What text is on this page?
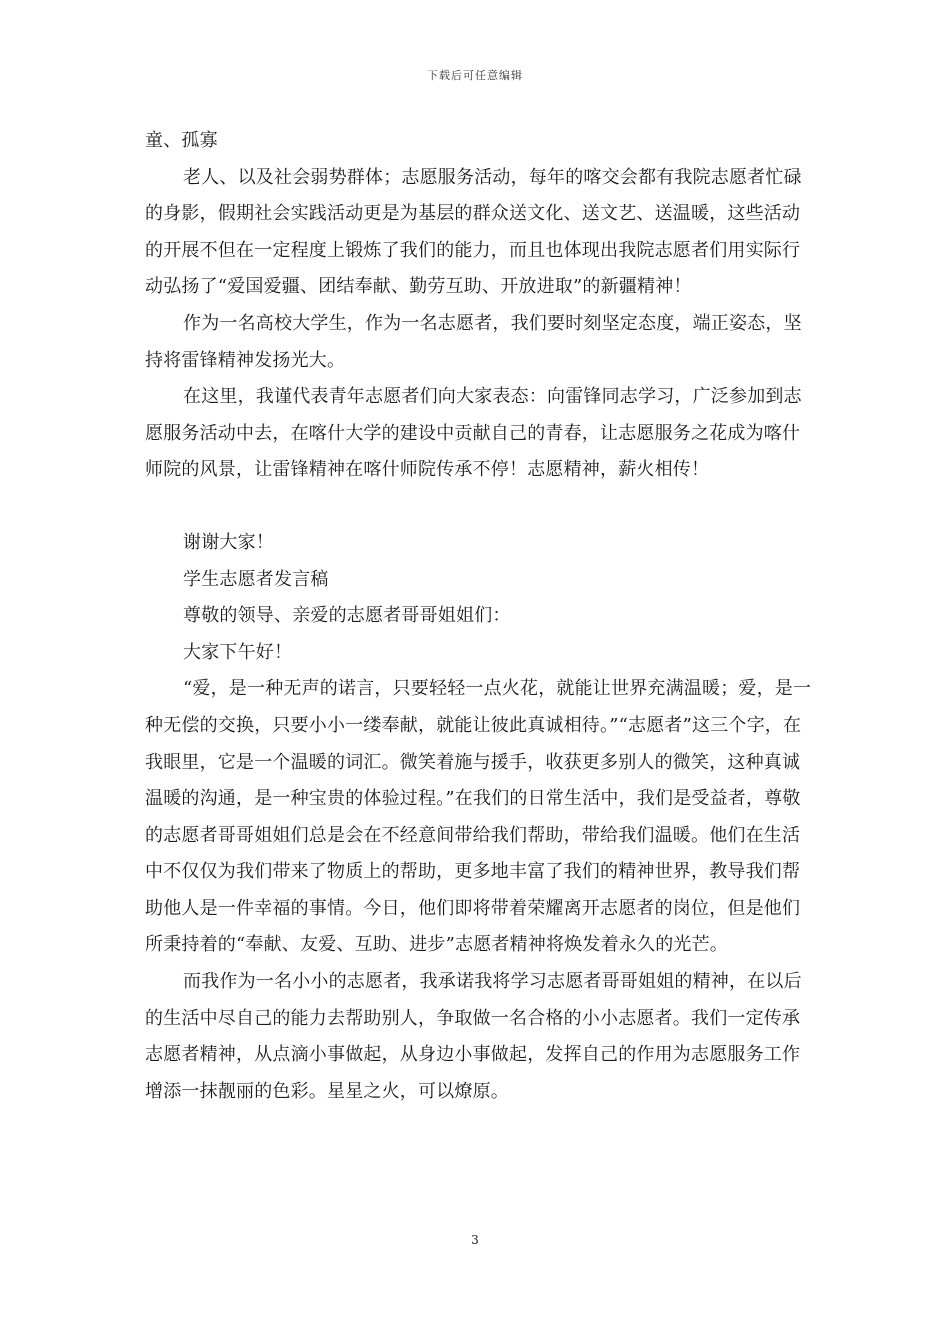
下载后可任意编辑

童、孤寡

老人、以及社会弱势群体；志愿服务活动，每年的喀交会都有我院志愿者忙碌的身影，假期社会实践活动更是为基层的群众送文化、送文艺、送温暖，这些活动的开展不但在一定程度上锻炼了我们的能力，而且也体现出我院志愿者们用实际行动弘扬了“爱国爱疆、团结奉献、勤劳互助、开放进取”的新疆精神！

作为一名高校大学生，作为一名志愿者，我们要时刻坚定态度，端正姿态，坚持将雷锋精神发扬光大。

在这里，我谨代表青年志愿者们向大家表态：向雷锋同志学习，广泛参加到志愿服务活动中去，在喀什大学的建设中贡献自己的青春，让志愿服务之花成为喀什师院的风景，让雷锋精神在喀什师院传承不停！志愿精神，薪火相传！

谢谢大家！

学生志愿者发言稿

尊敬的领导、亲爱的志愿者哥哥姐姐们：

大家下午好！

“爱，是一种无声的诺言，只要轻轻一点火花，就能让世界充满温暖；爱，是一种无偿的交换，只要小小一缕奉献，就能让彼此真诚相待。”“志愿者”这三个字，在我眼里，它是一个温暖的词汇。微笑着施与援手，收获更多别人的微笑，这种真诚温暖的沟通，是一种宝贵的体验过程。”在我们的日常生活中，我们是受益者，尊敬的志愿者哥哥姐姐们总是会在不经意间带给我们帮助，带给我们温暖。他们在生活中不仅仅为我们带来了物质上的帮助，更多地丰富了我们的精神世界，教导我们帮助他人是一件幸福的事情。今日，他们即将带着荣耀离开志愿者的岗位，但是他们所秉持着的“奉献、友爱、互助、进步”志愿者精神将焕发着永久的光芒。

而我作为一名小小的志愿者，我承诺我将学习志愿者哥哥姐姐的精神，在以后的生活中尽自己的能力去帮助别人，争取做一名合格的小小志愿者。我们一定传承志愿者精神，从点滴小事做起，从身边小事做起，发挥自己的作用为志愿服务工作增添一抹靓丽的色彩。星星之火，可以燎原。

3
